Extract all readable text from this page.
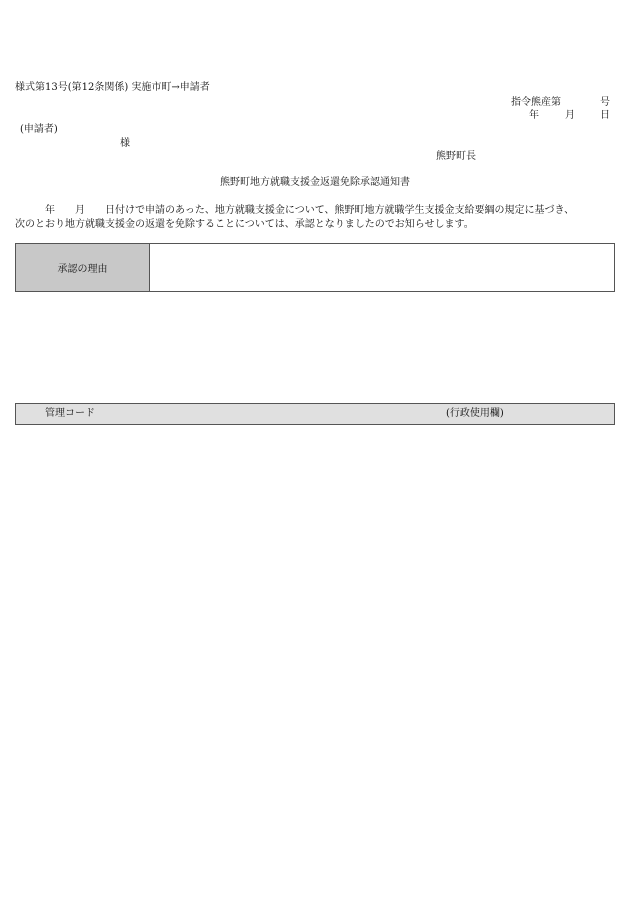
様式第13号(第12条関係) 実施市町→申請者
指令熊産第	号
年	月	日
(申請者)
様
熊野町長
熊野町地方就職支援金返還免除承認通知書
年　　月　　日付けで申請のあった、地方就職支援金について、熊野町地方就職学生支援金支給要綱の規定に基づき、
次のとおり地方就職支援金の返還を免除することについては、承認となりましたのでお知らせします。
承認の理由
管理コード	(行政使用欄)
